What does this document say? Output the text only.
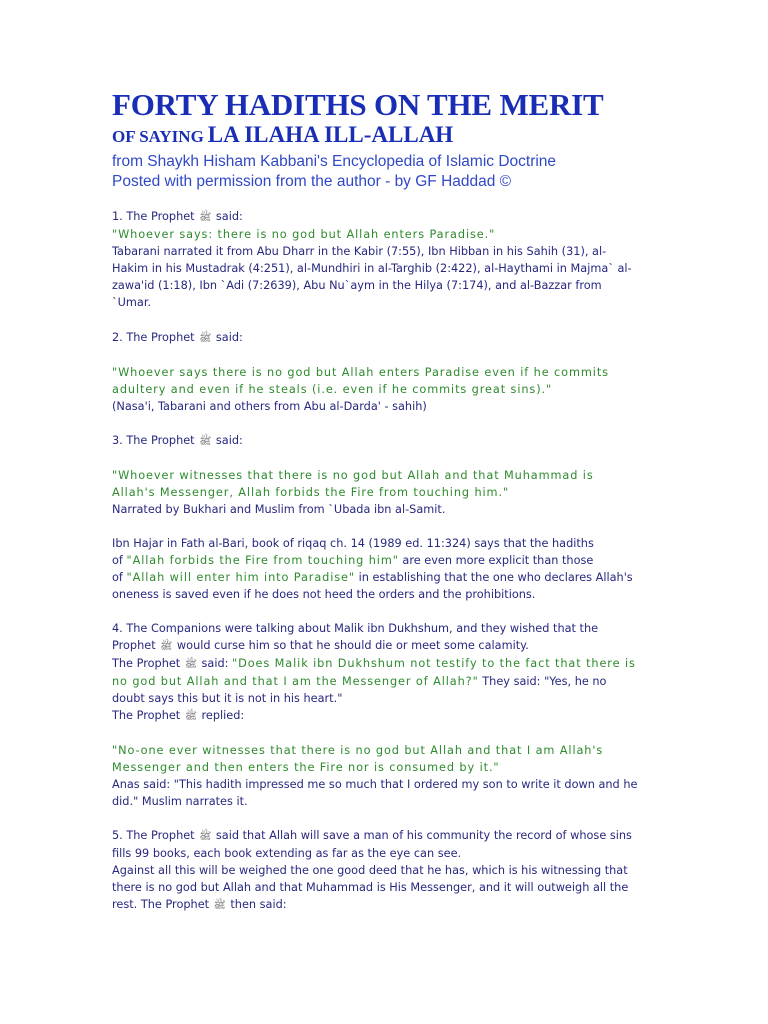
FORTY HADITHS ON THE MERIT
OF SAYING LA ILAHA ILL-ALLAH
from Shaykh Hisham Kabbani's Encyclopedia of Islamic Doctrine
Posted with permission from the author - by GF Haddad ©

1. The Prophet ﷺ said:

"Whoever says: there is no god but Allah enters Paradise."

Tabarani narrated it from Abu Dharr in the Kabir (7:55), Ibn Hibban in his Sahih (31), al-

Hakim in his Mustadrak (4:251), al-Mundhiri in al-Targhib (2:422), al-Haythami in Majma` al-

zawa'id (1:18), Ibn `Adi (7:2639), Abu Nu`aym in the Hilya (7:174), and al-Bazzar from

`Umar.

2. The Prophet ﷺ said:

"Whoever says there is no god but Allah enters Paradise even if he commits

adultery and even if he steals (i.e. even if he commits great sins)."

(Nasa'i, Tabarani and others from Abu al-Darda' - sahih)

3. The Prophet ﷺ said:

"Whoever witnesses that there is no god but Allah and that Muhammad is

Allah's Messenger, Allah forbids the Fire from touching him."

Narrated by Bukhari and Muslim from `Ubada ibn al-Samit.

Ibn Hajar in Fath al-Bari, book of riqaq ch. 14 (1989 ed. 11:324) says that the hadiths

of "Allah forbids the Fire from touching him" are even more explicit than those

of "Allah will enter him into Paradise" in establishing that the one who declares Allah's

oneness is saved even if he does not heed the orders and the prohibitions.

4. The Companions were talking about Malik ibn Dukhshum, and they wished that the

Prophet ﷺ would curse him so that he should die or meet some calamity.

The Prophet ﷺ said: "Does Malik ibn Dukhshum not testify to the fact that there is

no god but Allah and that I am the Messenger of Allah?" They said: "Yes, he no

doubt says this but it is not in his heart."

The Prophet ﷺ replied:

"No-one ever witnesses that there is no god but Allah and that I am Allah's

Messenger and then enters the Fire nor is consumed by it."

Anas said: "This hadith impressed me so much that I ordered my son to write it down and he

did." Muslim narrates it.

5. The Prophet ﷺ said that Allah will save a man of his community the record of whose sins

fills 99 books, each book extending as far as the eye can see.

Against all this will be weighed the one good deed that he has, which is his witnessing that

there is no god but Allah and that Muhammad is His Messenger, and it will outweigh all the

rest. The Prophet ﷺ then said:
